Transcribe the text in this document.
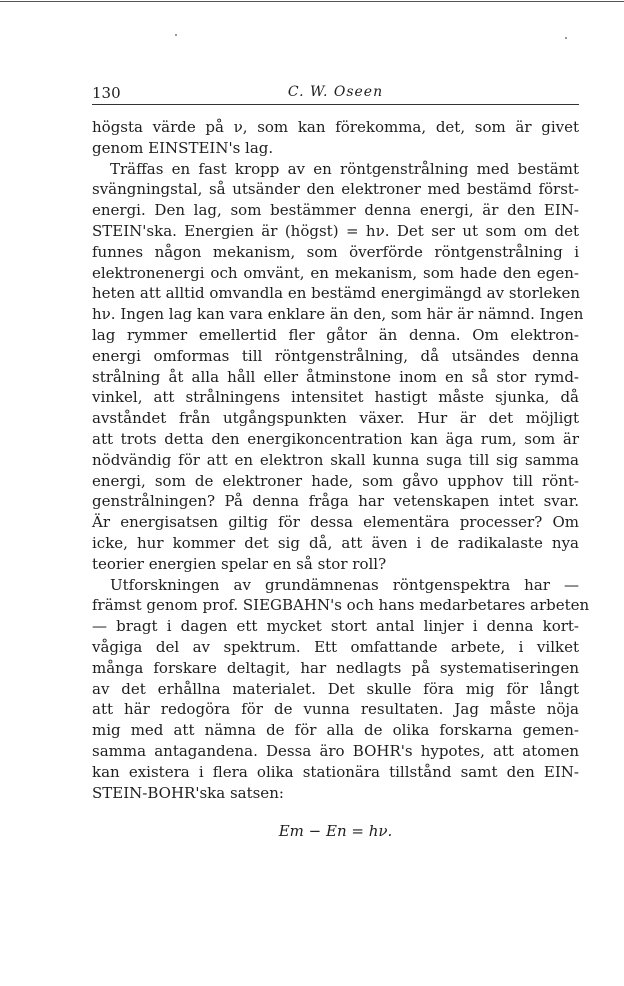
130	C. W. Oseen
högsta värde på ν, som kan förekomma, det, som är givet
genom EINSTEIN's lag.
Träffas en fast kropp av en röntgenstrålning med bestämt
svängningstal, så utsänder den elektroner med bestämd först-
energi. Den lag, som bestämmer denna energi, är den EIN-
STEIN'ska. Energien är (högst) = hν. Det ser ut som om det
funnes någon mekanism, som överförde röntgenstrålning i
elektronenergi och omvänt, en mekanism, som hade den egen-
heten att alltid omvandla en bestämd energimängd av storleken
hν. Ingen lag kan vara enklare än den, som här är nämnd. Ingen
lag rymmer emellertid fler gåtor än denna. Om elektron-
energi omformas till röntgenstrålning, då utsändes denna
strålning åt alla håll eller åtminstone inom en så stor rymd-
vinkel, att strålningens intensitet hastigt måste sjunka, då
avståndet från utgångspunkten växer. Hur är det möjligt
att trots detta den energikoncentration kan äga rum, som är
nödvändig för att en elektron skall kunna suga till sig samma
energi, som de elektroner hade, som gåvo upphov till rönt-
genstrålningen? På denna fråga har vetenskapen intet svar.
Är energisatsen giltig för dessa elementära processer? Om
icke, hur kommer det sig då, att även i de radikalaste nya
teorier energien spelar en så stor roll?
Utforskningen av grundämnenas röntgenspektra har —
främst genom prof. SIEGBAHN's och hans medarbetares arbeten
— bragt i dagen ett mycket stort antal linjer i denna kort-
vågiga del av spektrum. Ett omfattande arbete, i vilket
många forskare deltagit, har nedlagts på systematiseringen
av det erhållna materialet. Det skulle föra mig för långt
att här redogöra för de vunna resultaten. Jag måste nöja
mig med att nämna de för alla de olika forskarna gemen-
samma antagandena. Dessa äro BOHR's hypotes, att atomen
kan existera i flera olika stationära tillstånd samt den EIN-
STEIN-BOHR'ska satsen:
Em − En = hν.
